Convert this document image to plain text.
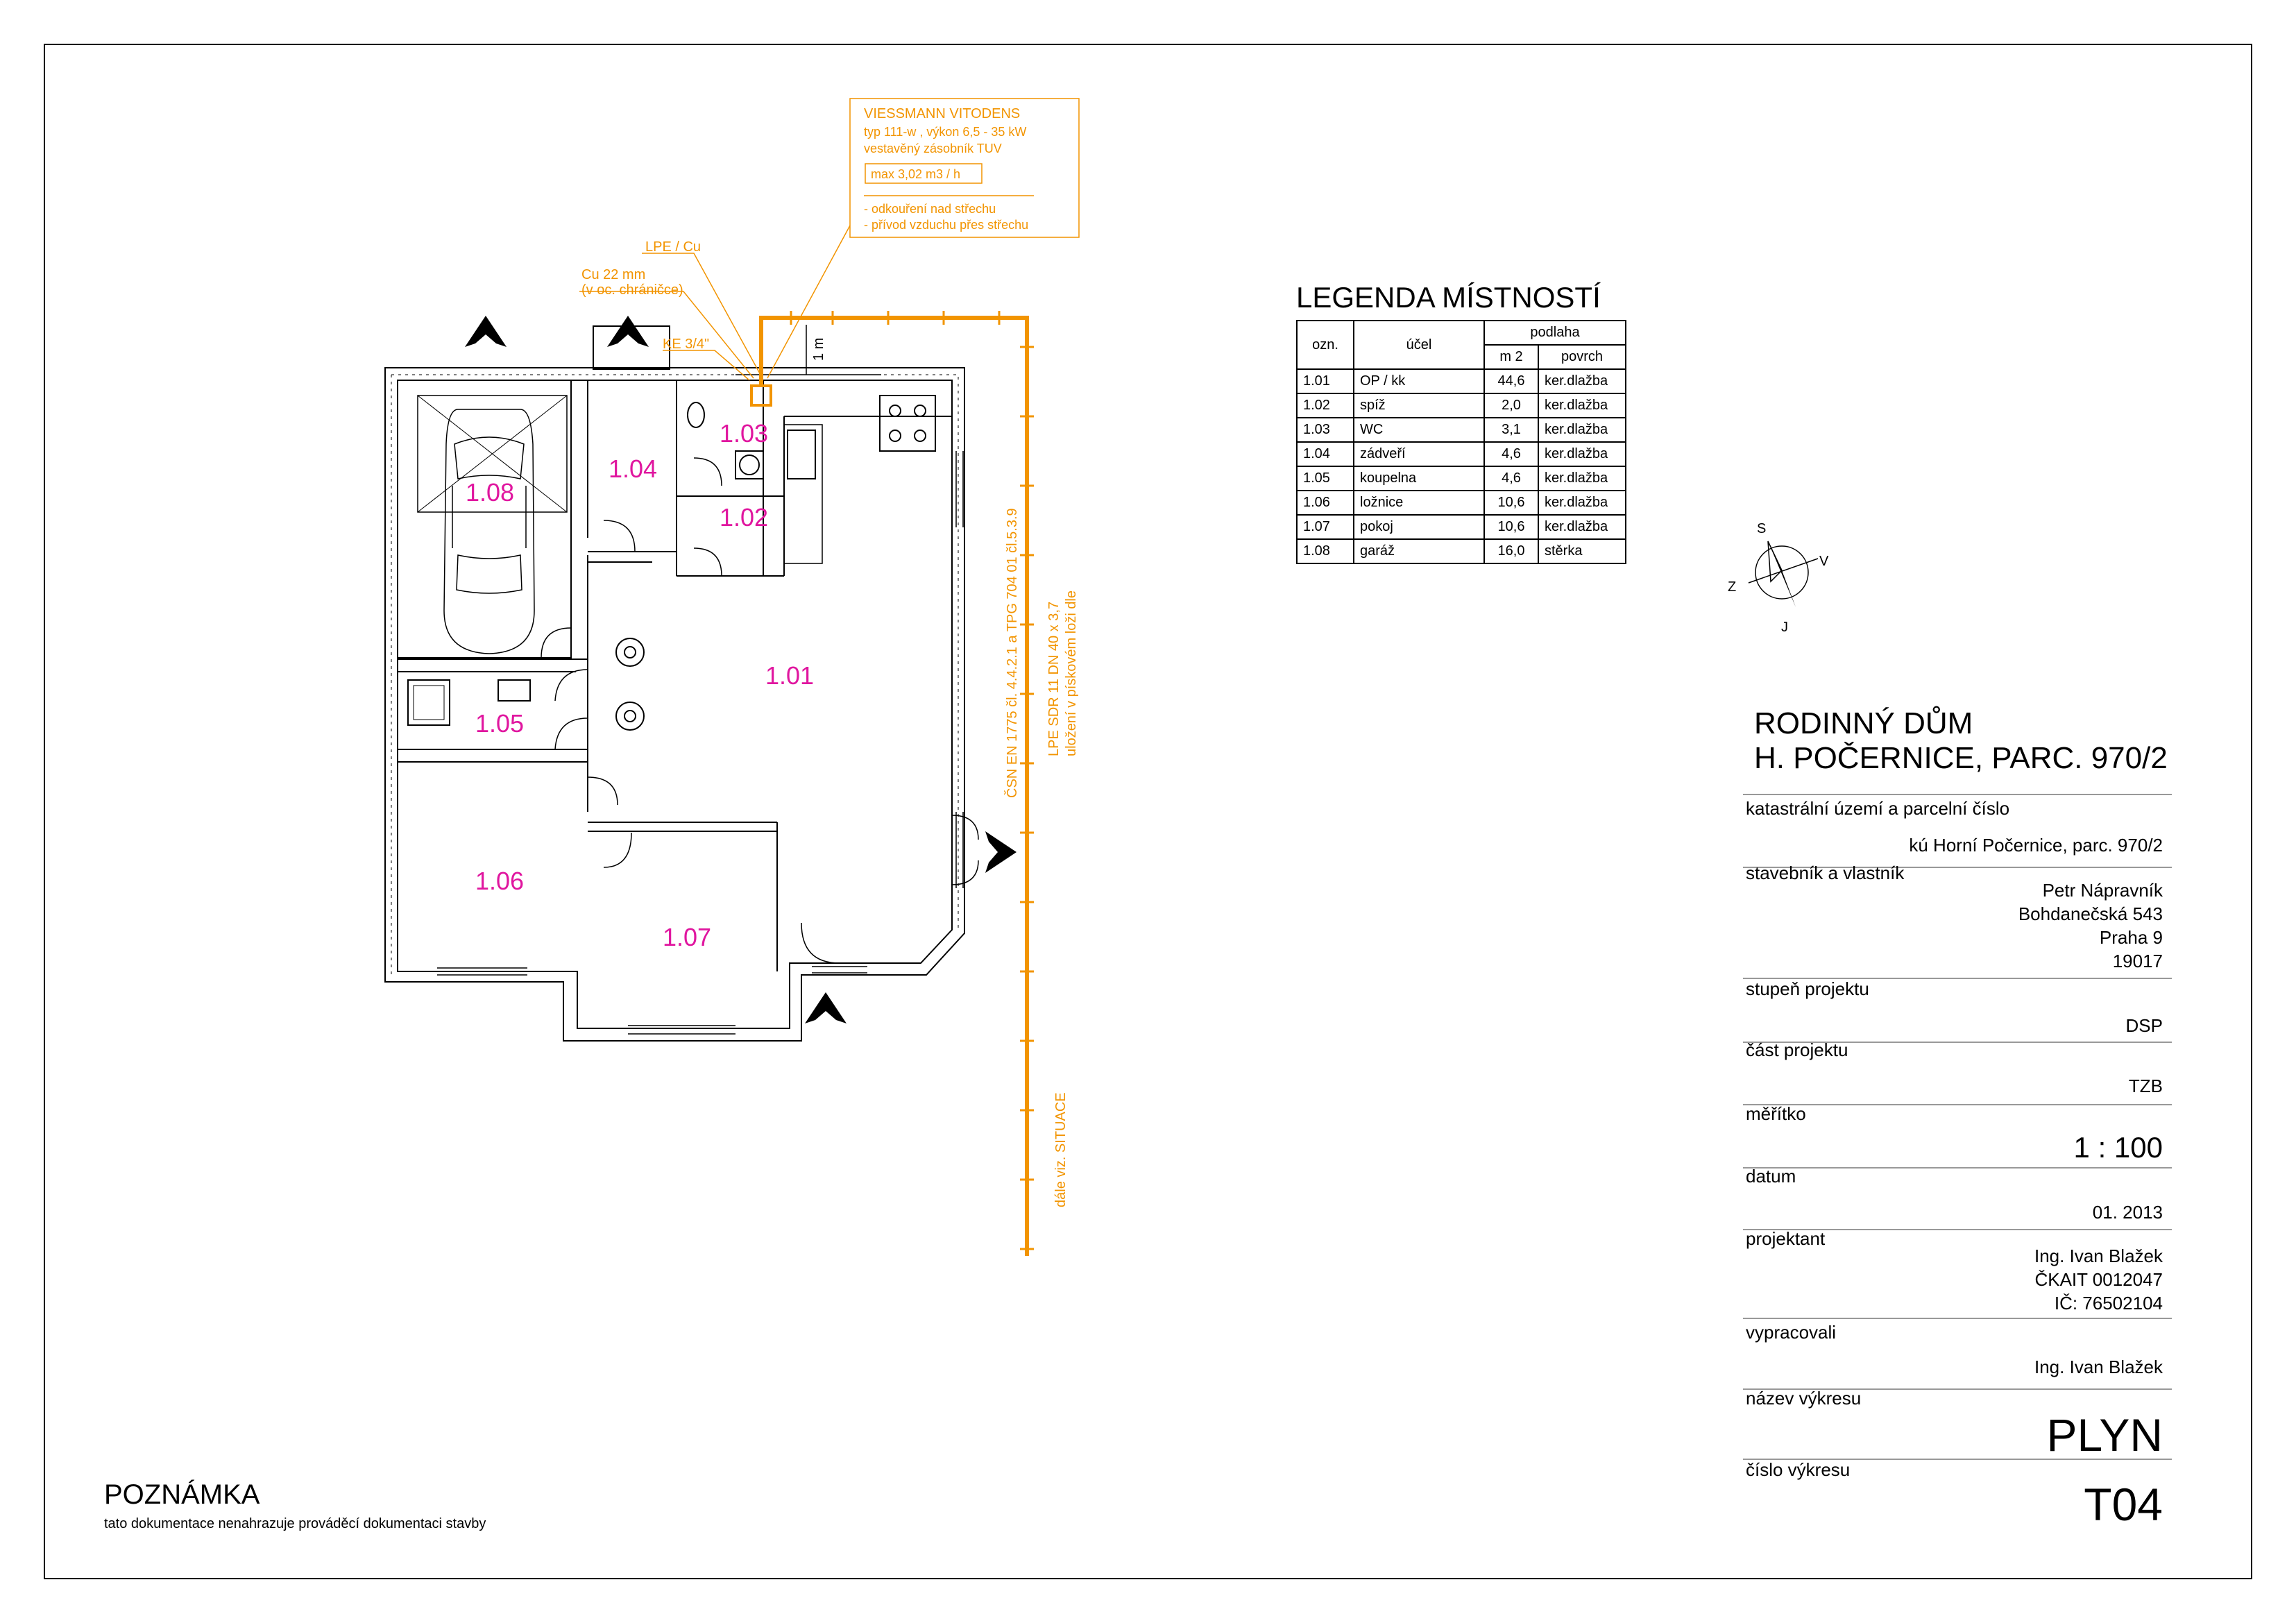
1.08
1.04
1.03
1.02
1.01
1.05
1.06
1.07
VIESSMANN VITODENS
typ 111-w , výkon 6,5 - 35 kW
vestavěný zásobník TUV
max 3,02 m3 / h
- odkouření nad střechu
- přívod vzduchu přes střechu
LPE / Cu
Cu 22 mm
(v oc. chráničce)
KE 3/4"
ČSN EN 1775 čl. 4.4.2.1 a TPG 704 01 čl.5.3.9 LPE SDR 11 DN 40 x 3,7 uložení v pískovém loži dle
dále viz. SITUACE
1 m
S
V
Z
J
LEGENDA MÍSTNOSTÍ
ozn.	účel	podlaha	
		m 2	povrch
1.01	OP / kk	44,6	ker.dlažba
1.02	spíž	2,0	ker.dlažba
1.03	WC	3,1	ker.dlažba
1.04	zádveří	4,6	ker.dlažba
1.05	koupelna	4,6	ker.dlažba
1.06	ložnice	10,6	ker.dlažba
1.07	pokoj	10,6	ker.dlažba
1.08	garáž	16,0	stěrka
RODINNÝ DŮM
H. POČERNICE, PARC. 970/2
katastrální území a parcelní číslo
kú Horní Počernice, parc. 970/2
stavebník a vlastník
Petr Nápravník
Bohdanečská 543
Praha 9
19017
stupeň projektu
DSP
část projektu
TZB
měřítko
1 : 100
datum
01. 2013
projektant
Ing. Ivan Blažek
ČKAIT 0012047
IČ: 76502104
vypracovali
Ing. Ivan Blažek
název výkresu
PLYN
číslo výkresu
T04
POZNÁMKA
tato dokumentace nenahrazuje prováděcí dokumentaci stavby
